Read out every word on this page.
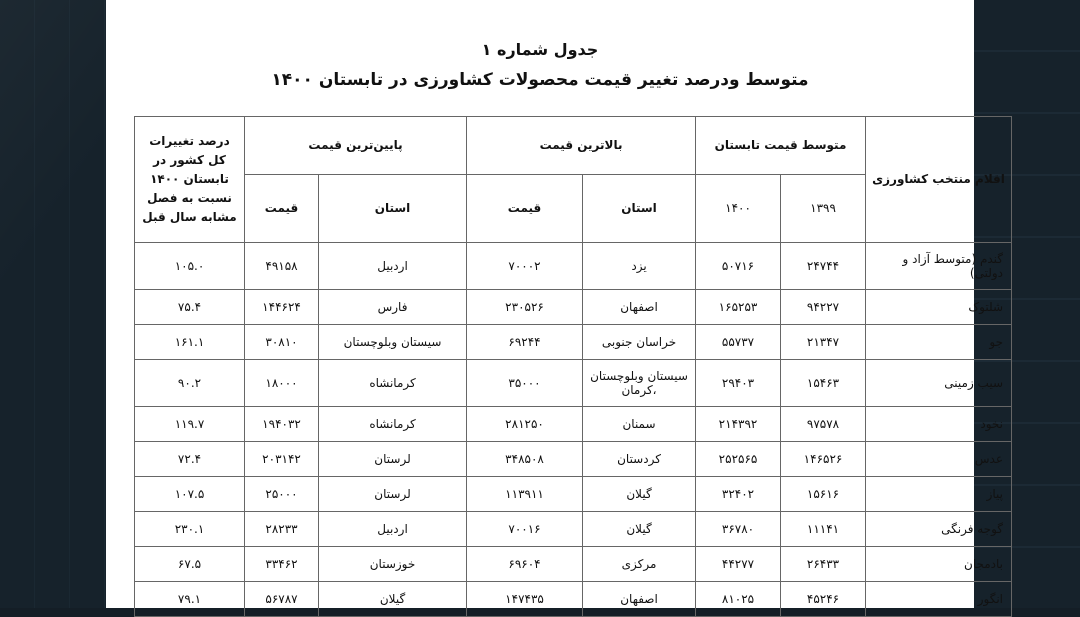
جدول شماره ۱
متوسط ودرصد تغییر قیمت محصولات کشاورزی در تابستان ۱۴۰۰
اقلام منتخب کشاورزی	متوسط قیمت تابستان		بالاترین قیمت		پایین‌ترین قیمت		درصد تغییرات کل کشور در تابستان ۱۴۰۰ نسبت به فصل مشابه سال قبل
	۱۳۹۹	۱۴۰۰	استان	قیمت	استان	قیمت	
گندم (متوسط آزاد و دولتی)	۲۴۷۴۴	۵۰۷۱۶	یزد	۷۰۰۰۲	اردبیل	۴۹۱۵۸	۱۰۵.۰
شلتوک	۹۴۲۲۷	۱۶۵۲۵۳	اصفهان	۲۳۰۵۲۶	فارس	۱۴۴۶۲۴	۷۵.۴
جو	۲۱۳۴۷	۵۵۷۳۷	خراسان جنوبی	۶۹۲۴۴	سیستان وبلوچستان	۳۰۸۱۰	۱۶۱.۱
سیب زمینی	۱۵۴۶۳	۲۹۴۰۳	سیستان وبلوچستان ،کرمان	۳۵۰۰۰	کرمانشاه	۱۸۰۰۰	۹۰.۲
نخود	۹۷۵۷۸	۲۱۴۳۹۲	سمنان	۲۸۱۲۵۰	کرمانشاه	۱۹۴۰۳۲	۱۱۹.۷
عدس	۱۴۶۵۲۶	۲۵۲۵۶۵	کردستان	۳۴۸۵۰۸	لرستان	۲۰۳۱۴۲	۷۲.۴
پیاز	۱۵۶۱۶	۳۲۴۰۲	گیلان	۱۱۳۹۱۱	لرستان	۲۵۰۰۰	۱۰۷.۵
گوجه فرنگی	۱۱۱۴۱	۳۶۷۸۰	گیلان	۷۰۰۱۶	اردبیل	۲۸۲۳۳	۲۳۰.۱
بادمجان	۲۶۴۳۳	۴۴۲۷۷	مرکزی	۶۹۶۰۴	خوزستان	۳۳۴۶۲	۶۷.۵
انگور	۴۵۲۴۶	۸۱۰۲۵	اصفهان	۱۴۷۴۳۵	گیلان	۵۶۷۸۷	۷۹.۱
